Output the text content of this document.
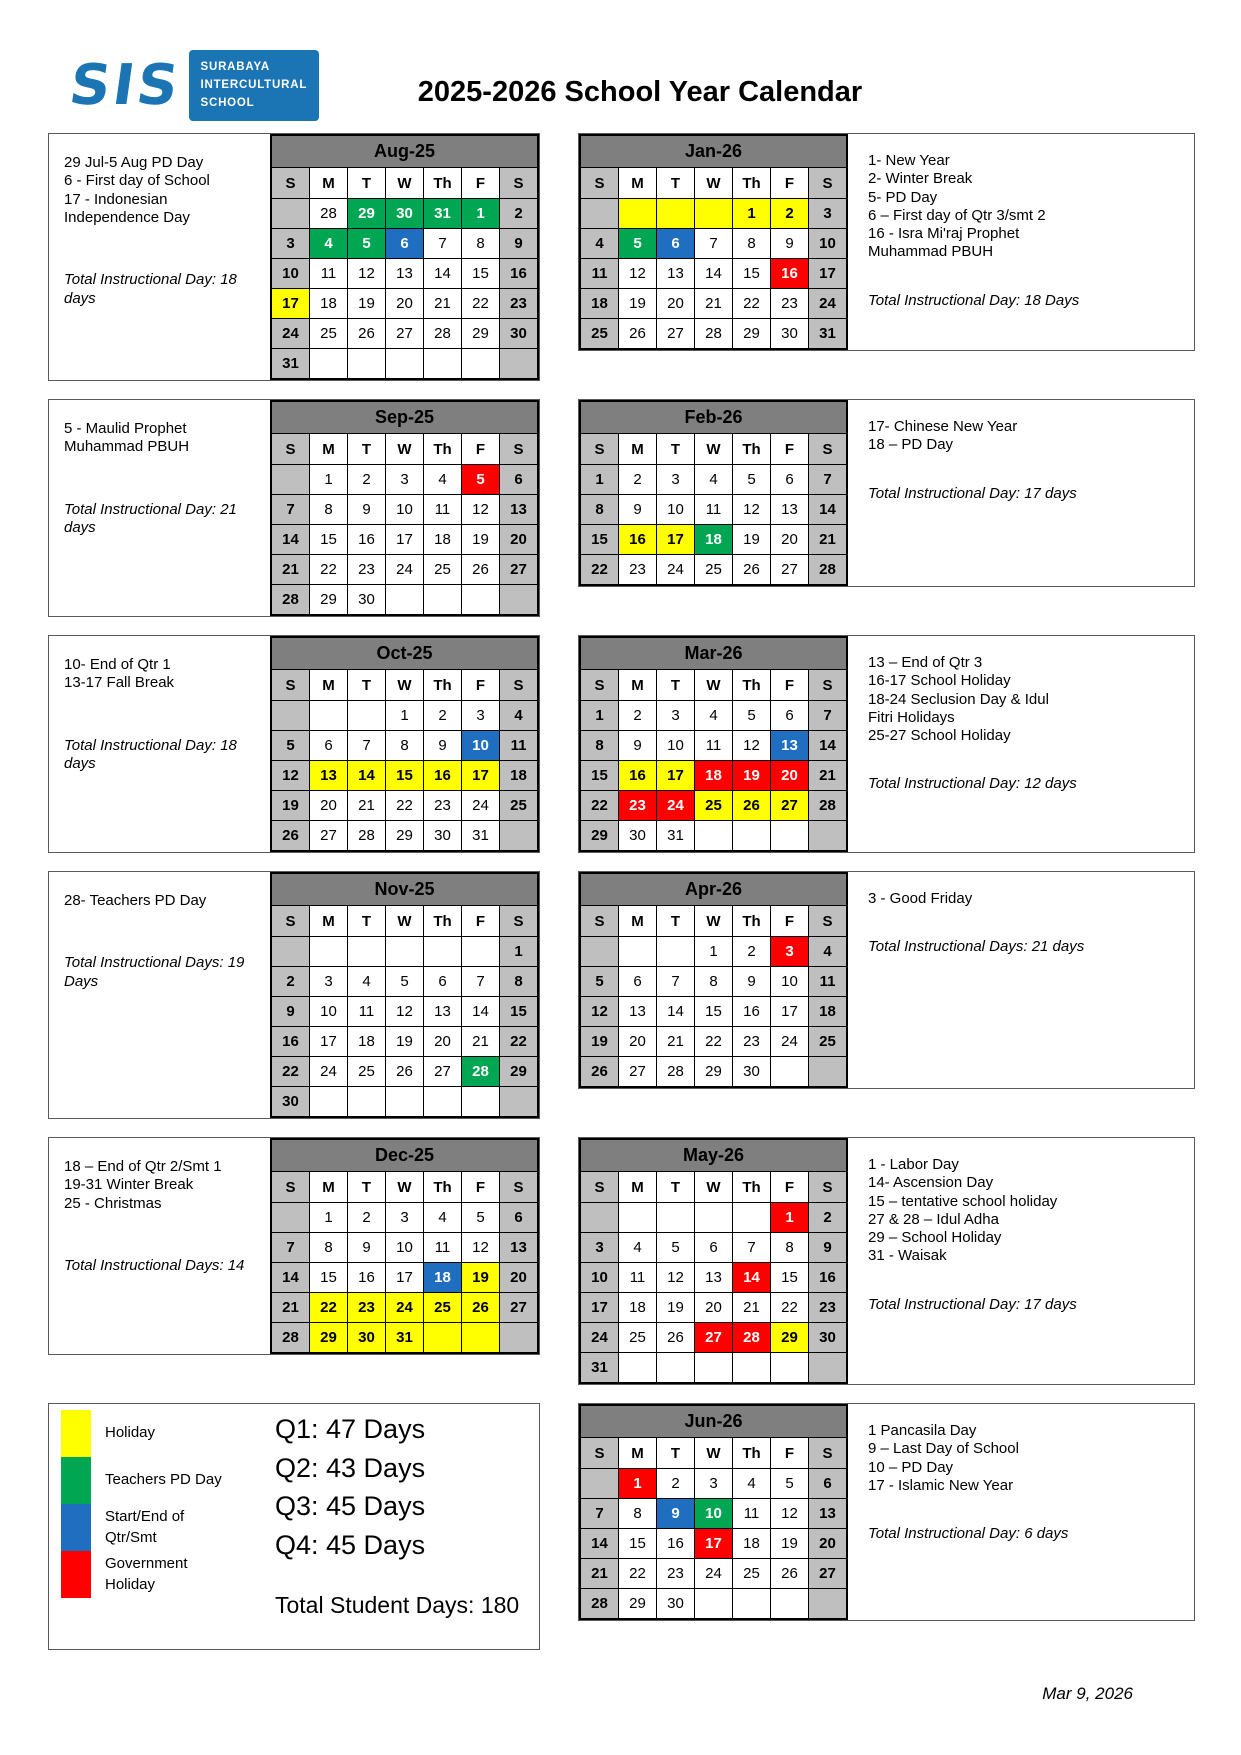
SIS SURABAYA
INTERCULTURAL
SCHOOL	2025-2026 School Year Calendar
29 Jul-5 Aug PD Day
6 - First day of School
17 - Indonesian
Independence Day
Total Instructional Day: 18 days
Aug-25						
S	M	T	W	Th	F	S
	28	29	30	31	1	2
3	4	5	6	7	8	9
10	11	12	13	14	15	16
17	18	19	20	21	22	23
24	25	26	27	28	29	30
31						
Jan-26						
S	M	T	W	Th	F	S
				1	2	3
4	5	6	7	8	9	10
11	12	13	14	15	16	17
18	19	20	21	22	23	24
25	26	27	28	29	30	31
1- New Year
2- Winter Break
5- PD Day
6 – First day of Qtr 3/smt 2
16 - Isra Mi'raj Prophet
Muhammad PBUH
Total Instructional Day: 18 Days
5 - Maulid Prophet
Muhammad PBUH
Total Instructional Day: 21 days
Sep-25						
S	M	T	W	Th	F	S
	1	2	3	4	5	6
7	8	9	10	11	12	13
14	15	16	17	18	19	20
21	22	23	24	25	26	27
28	29	30				
Feb-26						
S	M	T	W	Th	F	S
1	2	3	4	5	6	7
8	9	10	11	12	13	14
15	16	17	18	19	20	21
22	23	24	25	26	27	28
17- Chinese New Year
18 – PD Day
Total Instructional Day: 17 days
10- End of Qtr 1
13-17 Fall Break
Total Instructional Day: 18 days
Oct-25						
S	M	T	W	Th	F	S
			1	2	3	4
5	6	7	8	9	10	11
12	13	14	15	16	17	18
19	20	21	22	23	24	25
26	27	28	29	30	31	
Mar-26						
S	M	T	W	Th	F	S
1	2	3	4	5	6	7
8	9	10	11	12	13	14
15	16	17	18	19	20	21
22	23	24	25	26	27	28
29	30	31				
13 – End of Qtr 3
16-17 School Holiday
18-24 Seclusion Day & Idul
Fitri Holidays
25-27 School Holiday
Total Instructional Day: 12 days
28- Teachers PD Day
Total Instructional Days: 19 Days
Nov-25						
S	M	T	W	Th	F	S
						1
2	3	4	5	6	7	8
9	10	11	12	13	14	15
16	17	18	19	20	21	22
22	24	25	26	27	28	29
30						
Apr-26						
S	M	T	W	Th	F	S
			1	2	3	4
5	6	7	8	9	10	11
12	13	14	15	16	17	18
19	20	21	22	23	24	25
26	27	28	29	30		
3 - Good Friday
Total Instructional Days: 21 days
18 – End of Qtr 2/Smt 1
19-31 Winter Break
25 - Christmas
Total Instructional Days: 14
Dec-25						
S	M	T	W	Th	F	S
	1	2	3	4	5	6
7	8	9	10	11	12	13
14	15	16	17	18	19	20
21	22	23	24	25	26	27
28	29	30	31			
May-26						
S	M	T	W	Th	F	S
					1	2
3	4	5	6	7	8	9
10	11	12	13	14	15	16
17	18	19	20	21	22	23
24	25	26	27	28	29	30
31						
1 - Labor Day
14- Ascension Day
15 – tentative school holiday
27 & 28 – Idul Adha
29 – School Holiday
31 - Waisak
Total Instructional Day: 17 days
Holiday
Teachers PD Day
Start/End of
Qtr/Smt
Government
Holiday
Q1: 47 Days
Q2: 43 Days
Q3: 45 Days
Q4: 45 Days
Total Student Days: 180
Jun-26						
S	M	T	W	Th	F	S
	1	2	3	4	5	6
7	8	9	10	11	12	13
14	15	16	17	18	19	20
21	22	23	24	25	26	27
28	29	30				
1 Pancasila Day
9 – Last Day of School
10 – PD Day
17 - Islamic New Year
Total Instructional Day: 6 days
Mar 9, 2026
